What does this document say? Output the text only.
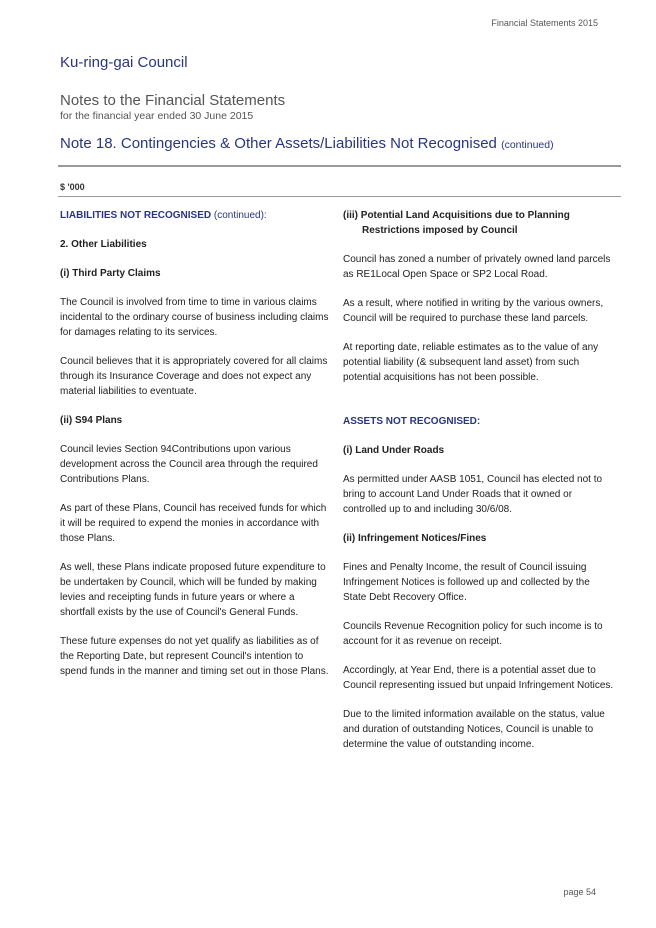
Financial Statements 2015
Ku-ring-gai Council
Notes to the Financial Statements
for the financial year ended 30 June 2015
Note 18. Contingencies & Other Assets/Liabilities Not Recognised (continued)
$ '000
LIABILITIES NOT RECOGNISED (continued):
2. Other Liabilities
(i) Third Party Claims

The Council is involved from time to time in various claims incidental to the ordinary course of business including claims for damages relating to its services.

Council believes that it is appropriately covered for all claims through its Insurance Coverage and does not expect any material liabilities to eventuate.

(ii) S94 Plans

Council levies Section 94Contributions upon various development across the Council area through the required Contributions Plans.

As part of these Plans, Council has received funds for which it will be required to expend the monies in accordance with those Plans.

As well, these Plans indicate proposed future expenditure to be undertaken by Council, which will be funded by making levies and receipting funds in future years or where a shortfall exists by the use of Council's General Funds.

These future expenses do not yet qualify as liabilities as of the Reporting Date, but represent Council's intention to spend funds in the manner and timing set out in those Plans.

(iii) Potential Land Acquisitions due to Planning
Restrictions imposed by Council

Council has zoned a number of privately owned land parcels as RE1Local Open Space or SP2 Local Road.

As a result, where notified in writing by the various owners, Council will be required to purchase these land parcels.

At reporting date, reliable estimates as to the value of any potential liability (& subsequent land asset) from such potential acquisitions has not been possible.

ASSETS NOT RECOGNISED:
(i) Land Under Roads

As permitted under AASB 1051, Council has elected not to bring to account Land Under Roads that it owned or controlled up to and including 30/6/08.

(ii) Infringement Notices/Fines

Fines and Penalty Income, the result of Council issuing Infringement Notices is followed up and collected by the State Debt Recovery Office.

Councils Revenue Recognition policy for such income is to account for it as revenue on receipt.

Accordingly, at Year End, there is a potential asset due to Council representing issued but unpaid Infringement Notices.

Due to the limited information available on the status, value and duration of outstanding Notices, Council is unable to determine the value of outstanding income.

page 54
